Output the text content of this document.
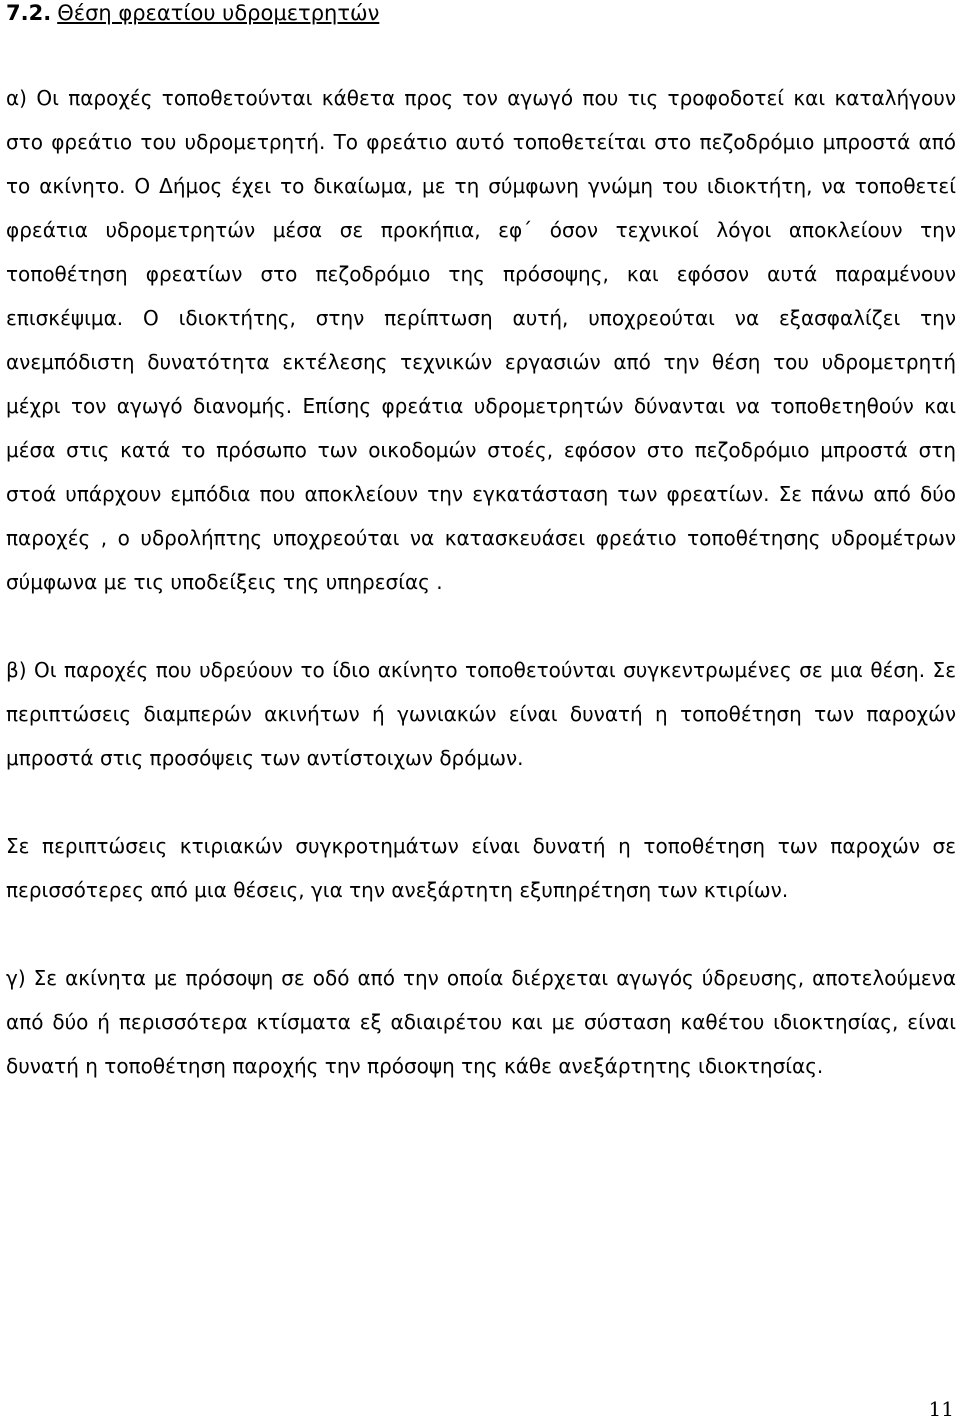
7.2. Θέση φρεατίου υδρομετρητών

α) Οι παροχές τοποθετούνται κάθετα προς τον αγωγό που τις τροφοδοτεί και καταλήγουν στο φρεάτιο του υδρομετρητή. Το φρεάτιο αυτό τοποθετείται στο πεζοδρόμιο μπροστά από το ακίνητο. Ο Δήμος έχει το δικαίωμα, με τη σύμφωνη γνώμη του ιδιοκτήτη, να τοποθετεί φρεάτια υδρομετρητών μέσα σε προκήπια, εφ΄ όσον τεχνικοί λόγοι αποκλείουν την τοποθέτηση φρεατίων στο πεζοδρόμιο της πρόσοψης, και εφόσον αυτά παραμένουν επισκέψιμα. Ο ιδιοκτήτης, στην περίπτωση αυτή, υποχρεούται να εξασφαλίζει την ανεμπόδιστη δυνατότητα εκτέλεσης τεχνικών εργασιών από την θέση του υδρομετρητή μέχρι τον αγωγό διανομής. Επίσης φρεάτια υδρομετρητών δύνανται να τοποθετηθούν και μέσα στις κατά το πρόσωπο των οικοδομών στοές, εφόσον στο πεζοδρόμιο μπροστά στη στοά υπάρχουν εμπόδια που αποκλείουν την εγκατάσταση των φρεατίων. Σε πάνω από δύο παροχές , ο υδρολήπτης υποχρεούται να κατασκευάσει φρεάτιο τοποθέτησης υδρομέτρων σύμφωνα με τις υποδείξεις της υπηρεσίας .

β) Οι παροχές που υδρεύουν το ίδιο ακίνητο τοποθετούνται συγκεντρωμένες σε μια θέση. Σε περιπτώσεις διαμπερών ακινήτων ή γωνιακών είναι δυνατή η τοποθέτηση των παροχών μπροστά στις προσόψεις των αντίστοιχων δρόμων.

Σε περιπτώσεις κτιριακών συγκροτημάτων είναι δυνατή η τοποθέτηση των παροχών σε περισσότερες από μια θέσεις, για την ανεξάρτητη εξυπηρέτηση των κτιρίων.

γ) Σε ακίνητα με πρόσοψη σε οδό από την οποία διέρχεται αγωγός ύδρευσης, αποτελούμενα από δύο ή περισσότερα κτίσματα εξ αδιαιρέτου και με σύσταση καθέτου ιδιοκτησίας, είναι δυνατή η τοποθέτηση παροχής την πρόσοψη της κάθε ανεξάρτητης ιδιοκτησίας.

11
